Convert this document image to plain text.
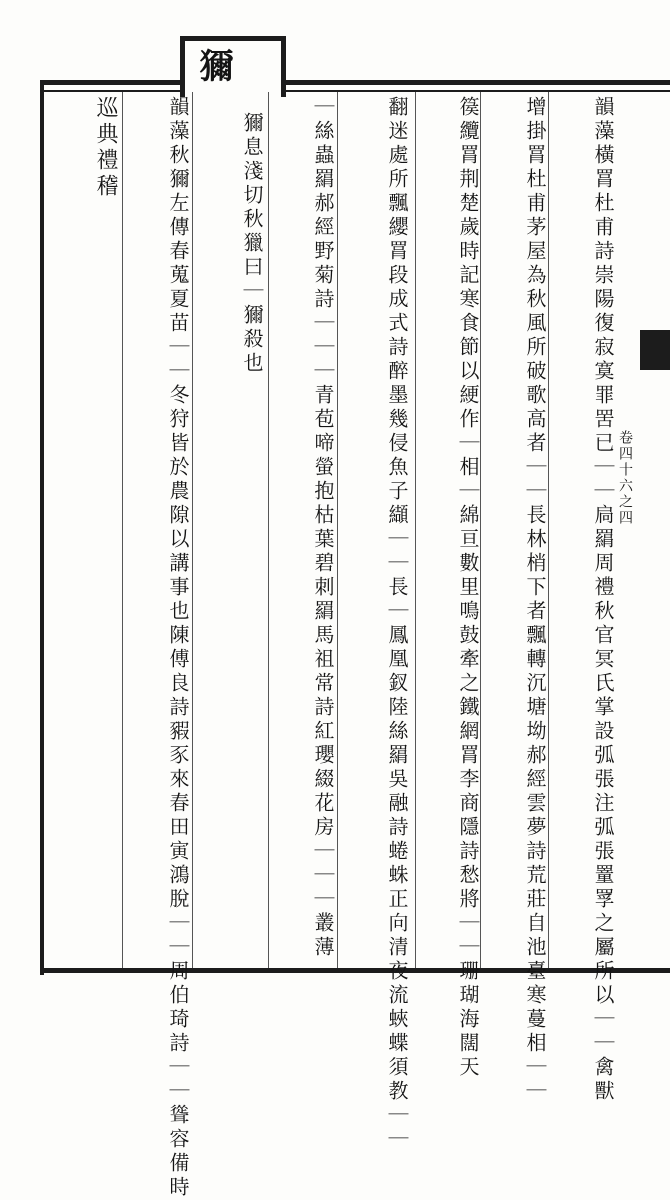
獮
韻藻橫罥杜甫詩崇陽復寂寞罪罟已｜｜扃羂周禮秋官冥氏掌設弧張注弧張罿罦之屬所以｜｜禽獸
增掛罥杜甫茅屋為秋風所破歌高者｜｜長林梢下者飄轉沉塘坳郝經雲夢詩荒莊自池臺寒蔓相｜｜
篌纜罥荆楚歲時記寒食節以綆作｜相｜綿亘數里鳴鼓牽之鐵網罥李商隱詩愁將｜｜珊瑚海闊天
翻迷處所飄纓罥段成式詩醉墨幾侵魚子纈｜｜長｜鳳凰釵陸絲羂吳融詩蜷蛛正向清夜流蛺蝶須教｜｜
｜絲蟲羂郝經野菊詩｜｜｜青苞啼螢抱枯葉碧刺羂馬祖常詩紅瓔綴花房｜｜｜叢薄
獮息淺切秋獵曰｜獮殺也
韻藻秋獮左傳春蒐夏苗｜｜冬狩皆於農隙以講事也陳傅良詩豭豕來春田寅鴻脫｜｜周伯琦詩｜｜聳容備時
巡典禮稽
卷四十六之四
